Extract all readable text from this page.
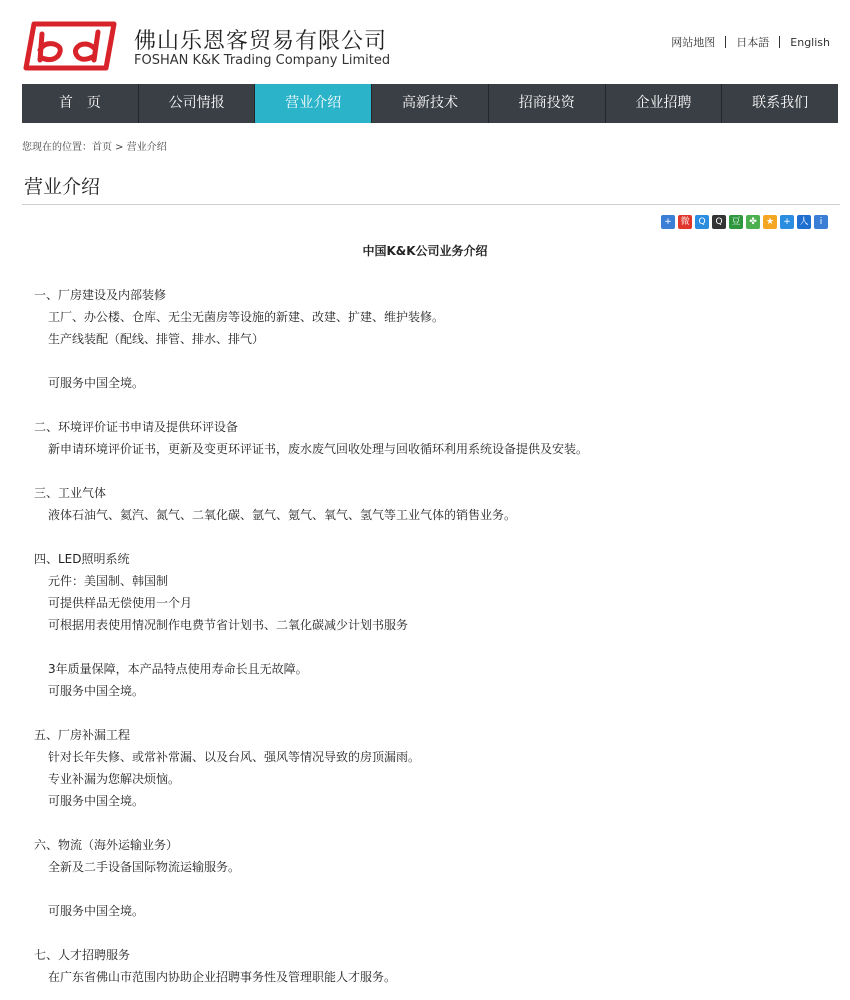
佛山乐恩客贸易有限公司
FOSHAN K&K Trading Company Limited
网站地图 日本語 English
首　页	公司情报	营业介绍	高新技术	招商投资	企业招聘	联系我们
您现在的位置：首页 > 营业介绍
营业介绍
+ 微 Q	Q 豆 ✤	★	+ 人	i
中国K&K公司业务介绍
一、厂房建设及内部装修
工厂、办公楼、仓库、无尘无菌房等设施的新建、改建、扩建、维护装修。
生产线装配（配线、排管、排水、排气）
可服务中国全境。
二、环境评价证书申请及提供环评设备
新申请环境评价证书，更新及变更环评证书，废水废气回收处理与回收循环利用系统设备提供及安装。
三、工业气体
液体石油气、氦汽、氮气、二氧化碳、氩气、氪气、氧气、氢气等工业气体的销售业务。
四、LED照明系统
元件：美国制、韩国制
可提供样品无偿使用一个月
可根据用表使用情况制作电费节省计划书、二氧化碳减少计划书服务
3年质量保障，本产品特点使用寿命长且无故障。
可服务中国全境。
五、厂房补漏工程
针对长年失修、或常补常漏、以及台风、强风等情况导致的房顶漏雨。
专业补漏为您解决烦恼。
可服务中国全境。
六、物流（海外运输业务）
全新及二手设备国际物流运输服务。
可服务中国全境。
七、人才招聘服务
在广东省佛山市范围内协助企业招聘事务性及管理职能人才服务。
